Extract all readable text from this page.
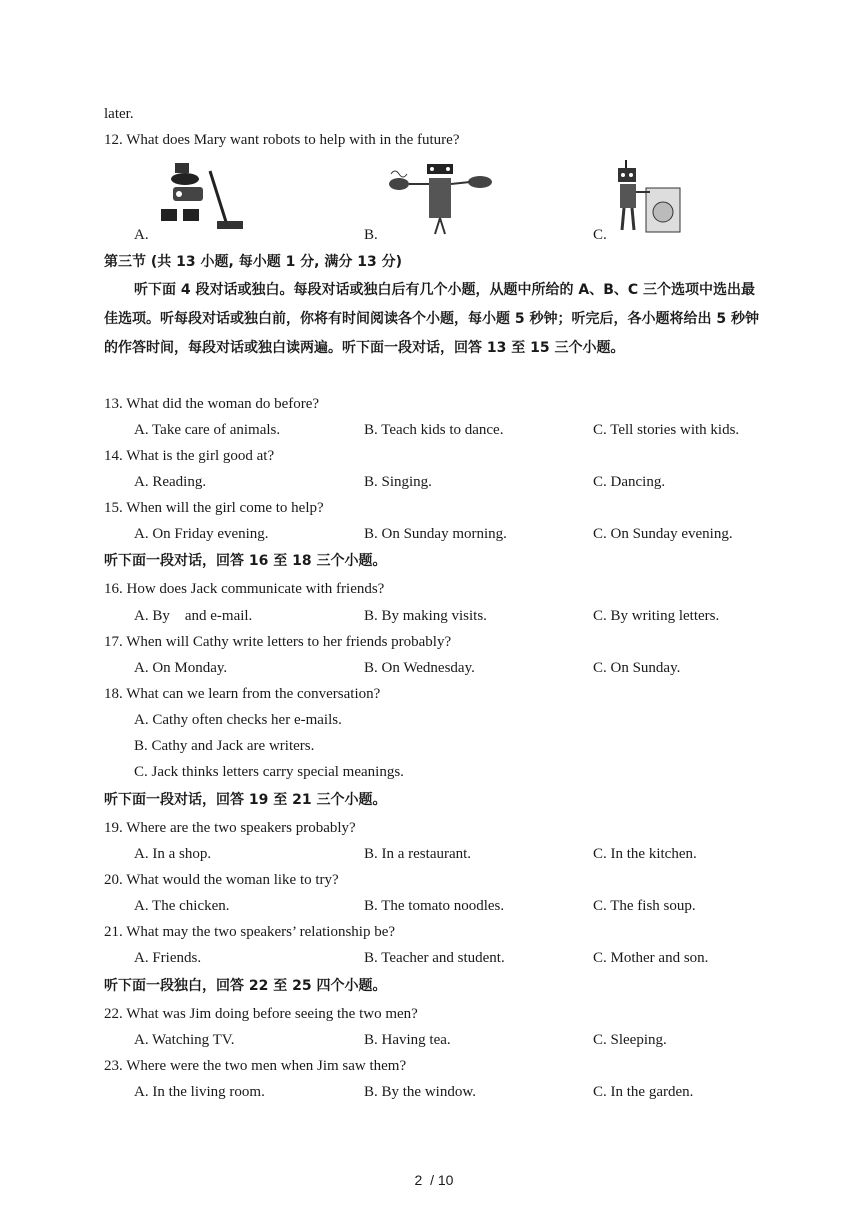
later.
12. What does Mary want robots to help with in the future?
A.	B.	C.
第三节 (共 13 小题, 每小题 1 分, 满分 13 分)
听下面 4 段对话或独白。每段对话或独白后有几个小题，从题中所给的 A、B、C 三个选项中选出最佳选项。听每段对话或独白前，你将有时间阅读各个小题，每小题 5 秒钟；听完后，各小题将给出 5 秒钟的作答时间，每段对话或独白读两遍。听下面一段对话，回答 13 至 15 三个小题。
13. What did the woman do before?
A. Take care of animals.	B. Teach kids to dance.	C. Tell stories with kids.
14. What is the girl good at?
A. Reading.	B. Singing.	C. Dancing.
15. When will the girl come to help?
A. On Friday evening.	B. On Sunday morning.	C. On Sunday evening.
听下面一段对话，回答 16 至 18 三个小题。
16. How does Jack communicate with friends?
A. By    and e-mail.	B. By making visits.	C. By writing letters.
17. When will Cathy write letters to her friends probably?
A. On Monday.	B. On Wednesday.	C. On Sunday.
18. What can we learn from the conversation?
A. Cathy often checks her e-mails.
B. Cathy and Jack are writers.
C. Jack thinks letters carry special meanings.
听下面一段对话，回答 19 至 21 三个小题。
19. Where are the two speakers probably?
A. In a shop.	B. In a restaurant.	C. In the kitchen.
20. What would the woman like to try?
A. The chicken.	B. The tomato noodles.	C. The fish soup.
21. What may the two speakers’ relationship be?
A. Friends.	B. Teacher and student.	C. Mother and son.
听下面一段独白，回答 22 至 25 四个小题。
22. What was Jim doing before seeing the two men?
A. Watching TV.	B. Having tea.	C. Sleeping.
23. Where were the two men when Jim saw them?
A. In the living room.	B. By the window.	C. In the garden.
2  / 10
